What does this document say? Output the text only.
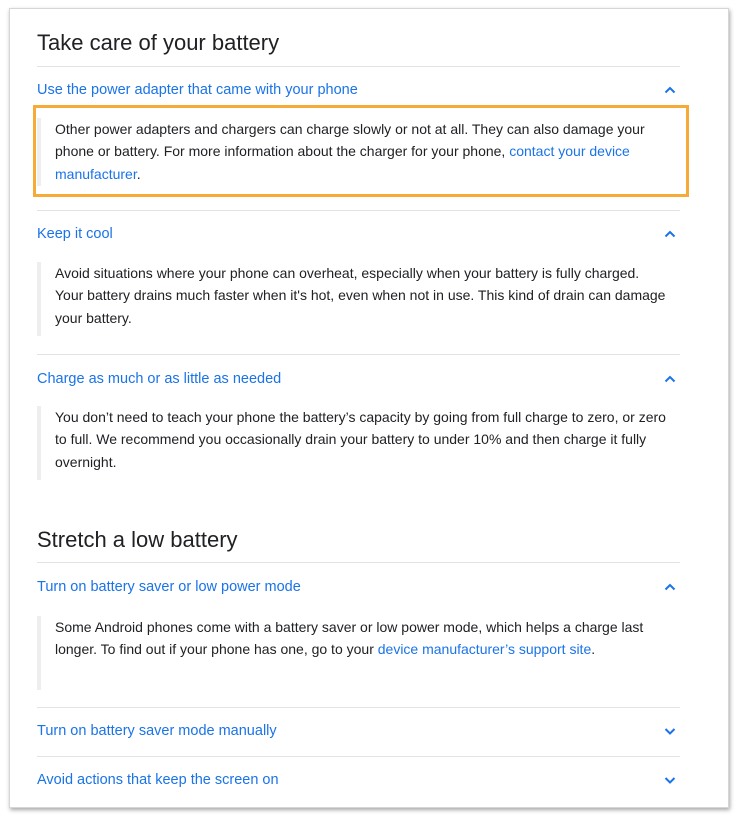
Take care of your battery
Use the power adapter that came with your phone

Other power adapters and chargers can charge slowly or not at all. They can also damage your phone or battery. For more information about the charger for your phone, contact your device manufacturer.

Keep it cool

Avoid situations where your phone can overheat, especially when your battery is fully charged. Your battery drains much faster when it's hot, even when not in use. This kind of drain can damage your battery.

Charge as much or as little as needed

You don’t need to teach your phone the battery’s capacity by going from full charge to zero, or zero to full. We recommend you occasionally drain your battery to under 10% and then charge it fully overnight.

Stretch a low battery
Turn on battery saver or low power mode

Some Android phones come with a battery saver or low power mode, which helps a charge last longer. To find out if your phone has one, go to your device manufacturer’s support site.

Turn on battery saver mode manually
Avoid actions that keep the screen on
